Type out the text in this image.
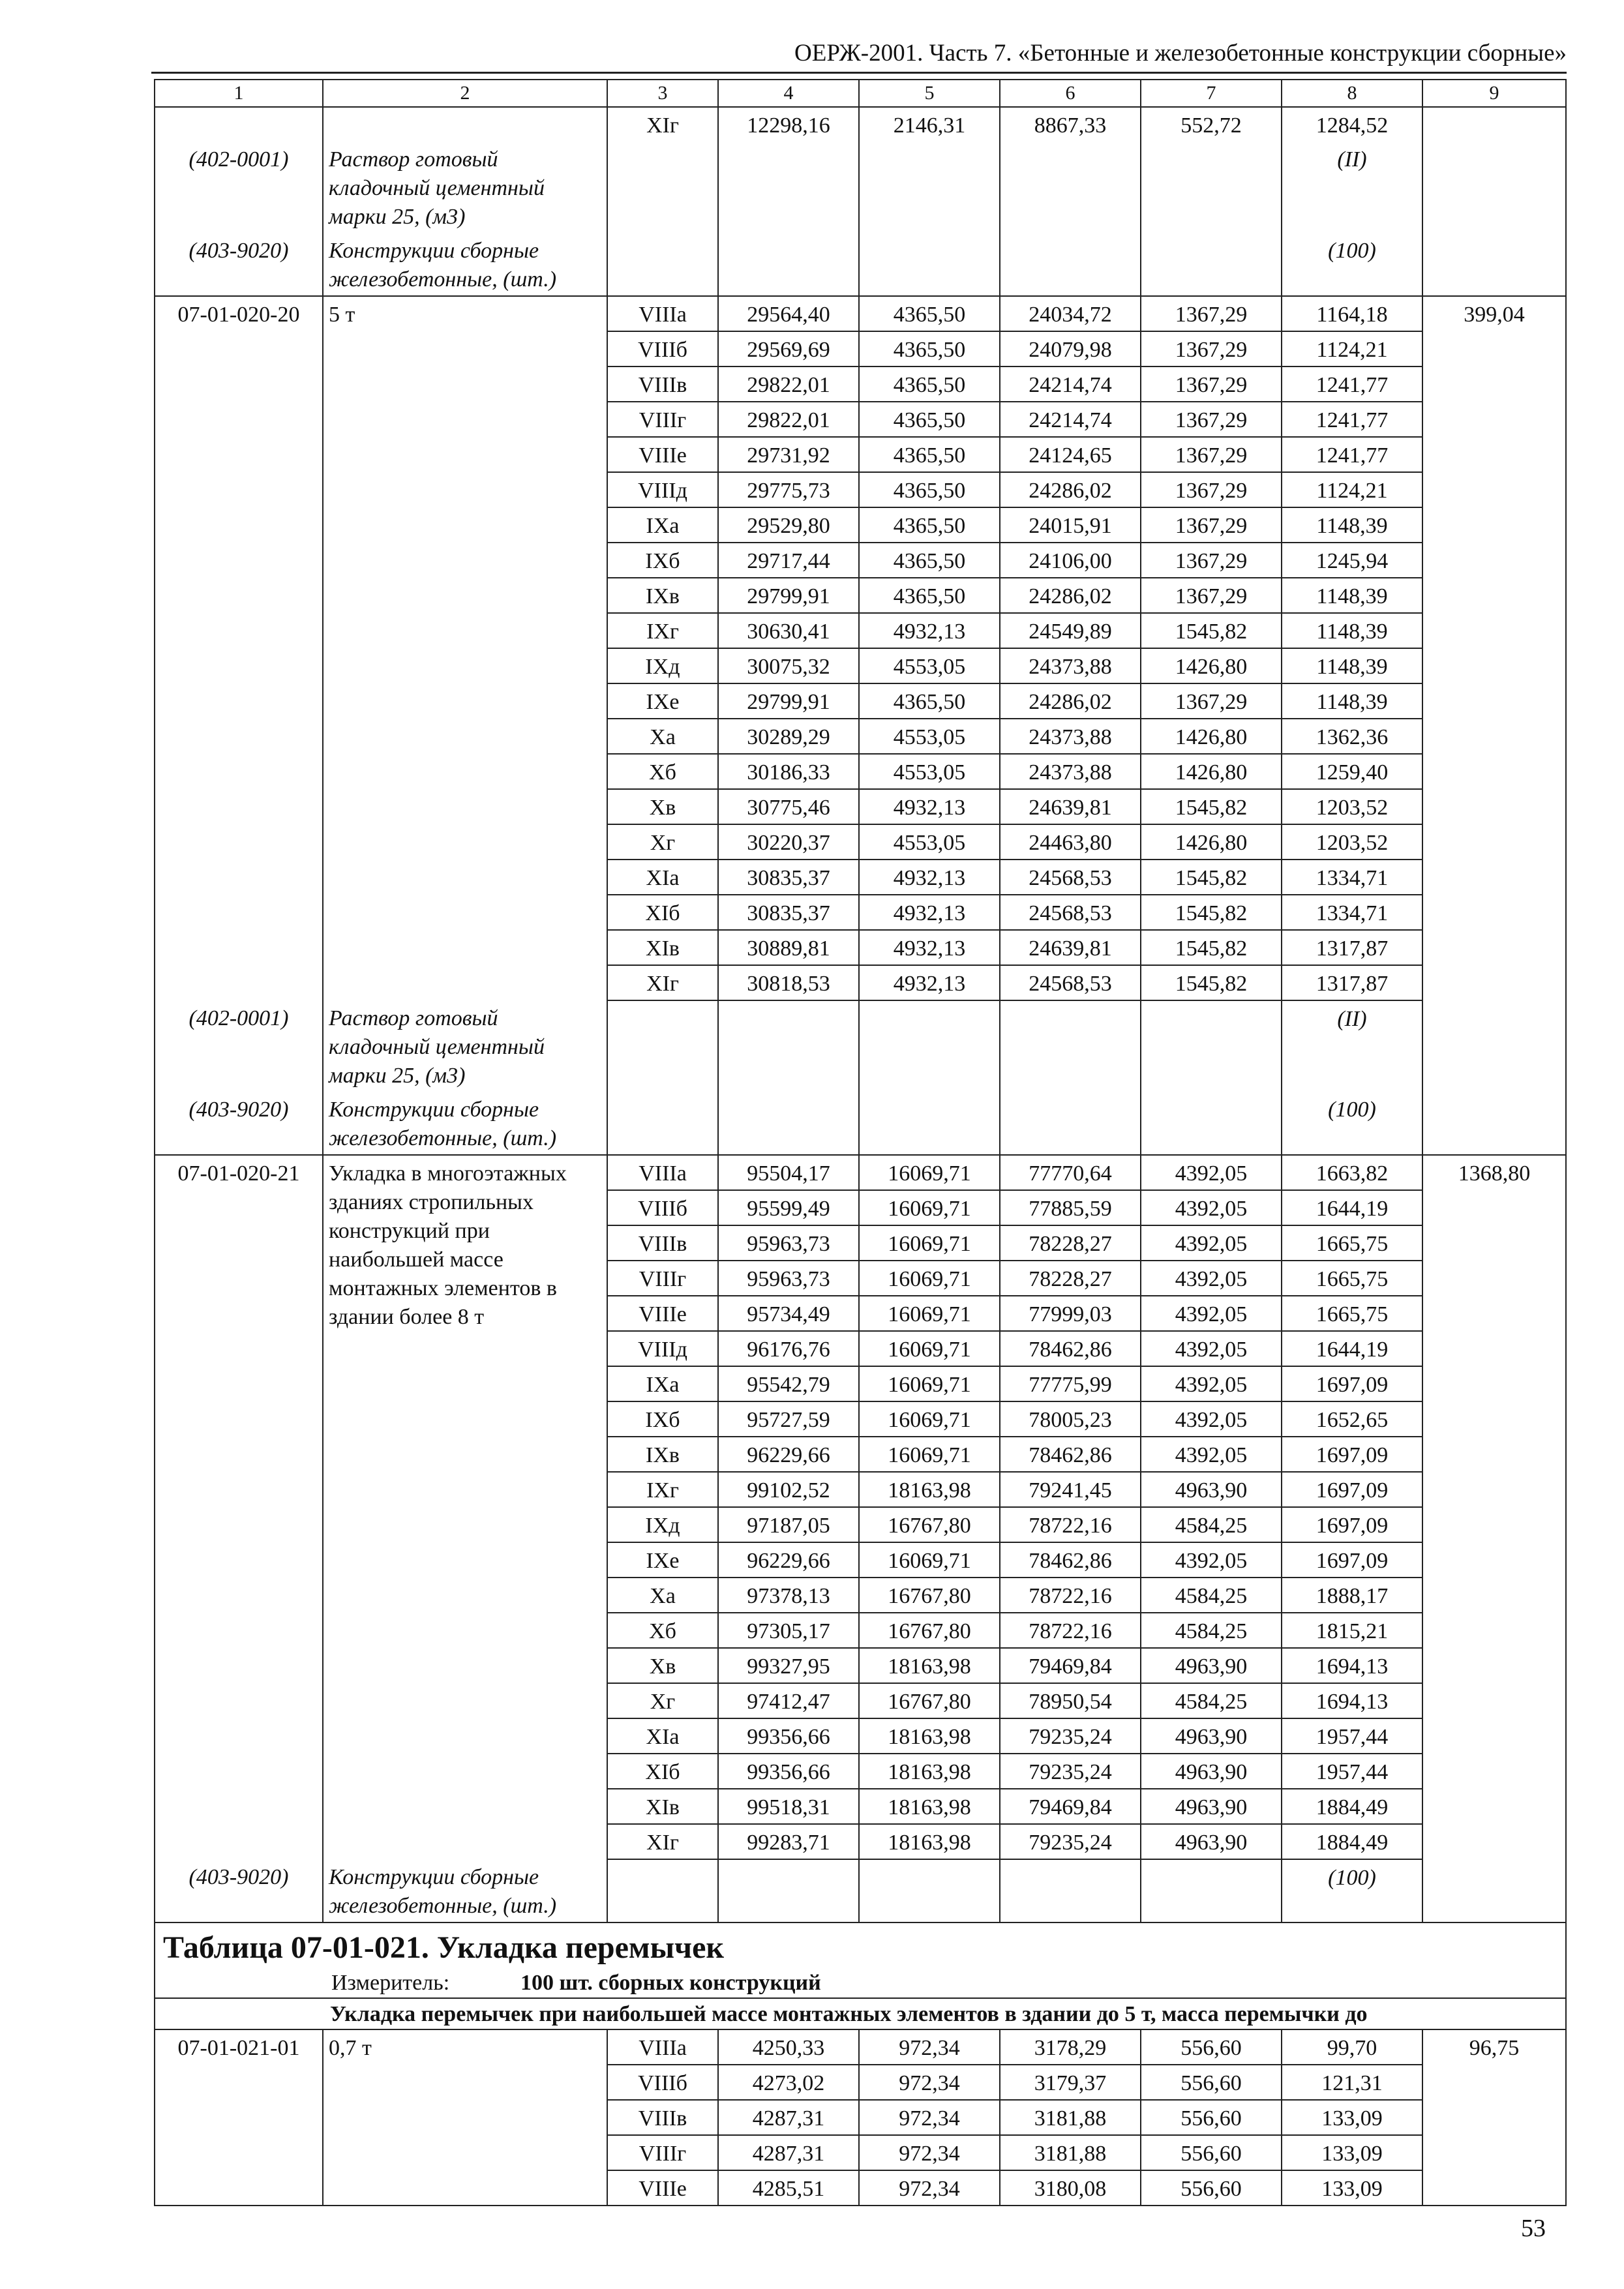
ОЕРЖ-2001. Часть 7. «Бетонные и железобетонные конструкции сборные»
1	2	3	4	5	6	7	8	9
		XIг	12298,16	2146,31	8867,33	552,72	1284,52	
(402-0001)	Раствор готовый кладочный цементный марки 25, (м3)						(II)	
(403-9020)	Конструкции сборные железобетонные, (шт.)						(100)	
07-01-020-20	5 т	VIIIа	29564,40	4365,50	24034,72	1367,29	1164,18	399,04
		VIIIб	29569,69	4365,50	24079,98	1367,29	1124,21	
		VIIIв	29822,01	4365,50	24214,74	1367,29	1241,77	
		VIIIг	29822,01	4365,50	24214,74	1367,29	1241,77	
		VIIIе	29731,92	4365,50	24124,65	1367,29	1241,77	
		VIIIд	29775,73	4365,50	24286,02	1367,29	1124,21	
		IXа	29529,80	4365,50	24015,91	1367,29	1148,39	
		IXб	29717,44	4365,50	24106,00	1367,29	1245,94	
		IXв	29799,91	4365,50	24286,02	1367,29	1148,39	
		IXг	30630,41	4932,13	24549,89	1545,82	1148,39	
		IXд	30075,32	4553,05	24373,88	1426,80	1148,39	
		IXе	29799,91	4365,50	24286,02	1367,29	1148,39	
		Xа	30289,29	4553,05	24373,88	1426,80	1362,36	
		Xб	30186,33	4553,05	24373,88	1426,80	1259,40	
		Xв	30775,46	4932,13	24639,81	1545,82	1203,52	
		Xг	30220,37	4553,05	24463,80	1426,80	1203,52	
		XIа	30835,37	4932,13	24568,53	1545,82	1334,71	
		XIб	30835,37	4932,13	24568,53	1545,82	1334,71	
		XIв	30889,81	4932,13	24639,81	1545,82	1317,87	
		XIг	30818,53	4932,13	24568,53	1545,82	1317,87	
(402-0001)	Раствор готовый кладочный цементный марки 25, (м3)						(II)	
(403-9020)	Конструкции сборные железобетонные, (шт.)						(100)	
07-01-020-21	Укладка в многоэтажных зданиях стропильных конструкций при наибольшей массе монтажных элементов в здании более 8 т	VIIIа	95504,17	16069,71	77770,64	4392,05	1663,82	1368,80
		VIIIб	95599,49	16069,71	77885,59	4392,05	1644,19	
		VIIIв	95963,73	16069,71	78228,27	4392,05	1665,75	
		VIIIг	95963,73	16069,71	78228,27	4392,05	1665,75	
		VIIIе	95734,49	16069,71	77999,03	4392,05	1665,75	
		VIIIд	96176,76	16069,71	78462,86	4392,05	1644,19	
		IXа	95542,79	16069,71	77775,99	4392,05	1697,09	
		IXб	95727,59	16069,71	78005,23	4392,05	1652,65	
		IXв	96229,66	16069,71	78462,86	4392,05	1697,09	
		IXг	99102,52	18163,98	79241,45	4963,90	1697,09	
		IXд	97187,05	16767,80	78722,16	4584,25	1697,09	
		IXе	96229,66	16069,71	78462,86	4392,05	1697,09	
		Xа	97378,13	16767,80	78722,16	4584,25	1888,17	
		Xб	97305,17	16767,80	78722,16	4584,25	1815,21	
		Xв	99327,95	18163,98	79469,84	4963,90	1694,13	
		Xг	97412,47	16767,80	78950,54	4584,25	1694,13	
		XIа	99356,66	18163,98	79235,24	4963,90	1957,44	
		XIб	99356,66	18163,98	79235,24	4963,90	1957,44	
		XIв	99518,31	18163,98	79469,84	4963,90	1884,49	
		XIг	99283,71	18163,98	79235,24	4963,90	1884,49	
(403-9020)	Конструкции сборные железобетонные, (шт.)						(100)	
Таблица 07-01-021. Укладка перемычек								
Измеритель: 100 шт. сборных конструкций								
Укладка перемычек при наибольшей массе монтажных элементов в здании до 5 т, масса перемычки до								
07-01-021-01	0,7 т	VIIIа	4250,33	972,34	3178,29	556,60	99,70	96,75
		VIIIб	4273,02	972,34	3179,37	556,60	121,31	
		VIIIв	4287,31	972,34	3181,88	556,60	133,09	
		VIIIг	4287,31	972,34	3181,88	556,60	133,09	
		VIIIе	4285,51	972,34	3180,08	556,60	133,09	
53
